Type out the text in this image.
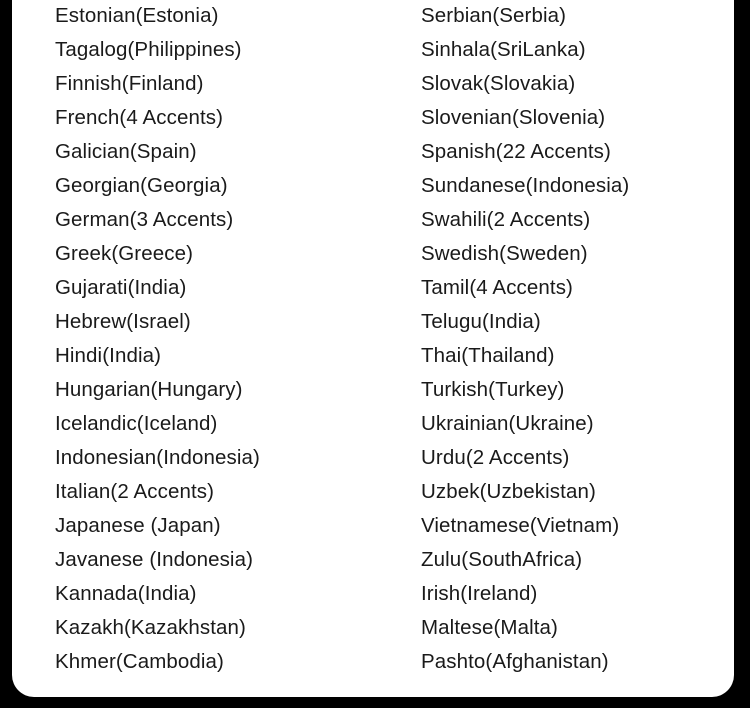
Estonian(Estonia)
Tagalog(Philippines)
Finnish(Finland)
French(4 Accents)
Galician(Spain)
Georgian(Georgia)
German(3 Accents)
Greek(Greece)
Gujarati(India)
Hebrew(Israel)
Hindi(India)
Hungarian(Hungary)
Icelandic(Iceland)
Indonesian(Indonesia)
Italian(2 Accents)
Japanese (Japan)
Javanese (Indonesia)
Kannada(India)
Kazakh(Kazakhstan)
Khmer(Cambodia)
Serbian(Serbia)
Sinhala(SriLanka)
Slovak(Slovakia)
Slovenian(Slovenia)
Spanish(22 Accents)
Sundanese(Indonesia)
Swahili(2 Accents)
Swedish(Sweden)
Tamil(4 Accents)
Telugu(India)
Thai(Thailand)
Turkish(Turkey)
Ukrainian(Ukraine)
Urdu(2 Accents)
Uzbek(Uzbekistan)
Vietnamese(Vietnam)
Zulu(SouthAfrica)
Irish(Ireland)
Maltese(Malta)
Pashto(Afghanistan)
